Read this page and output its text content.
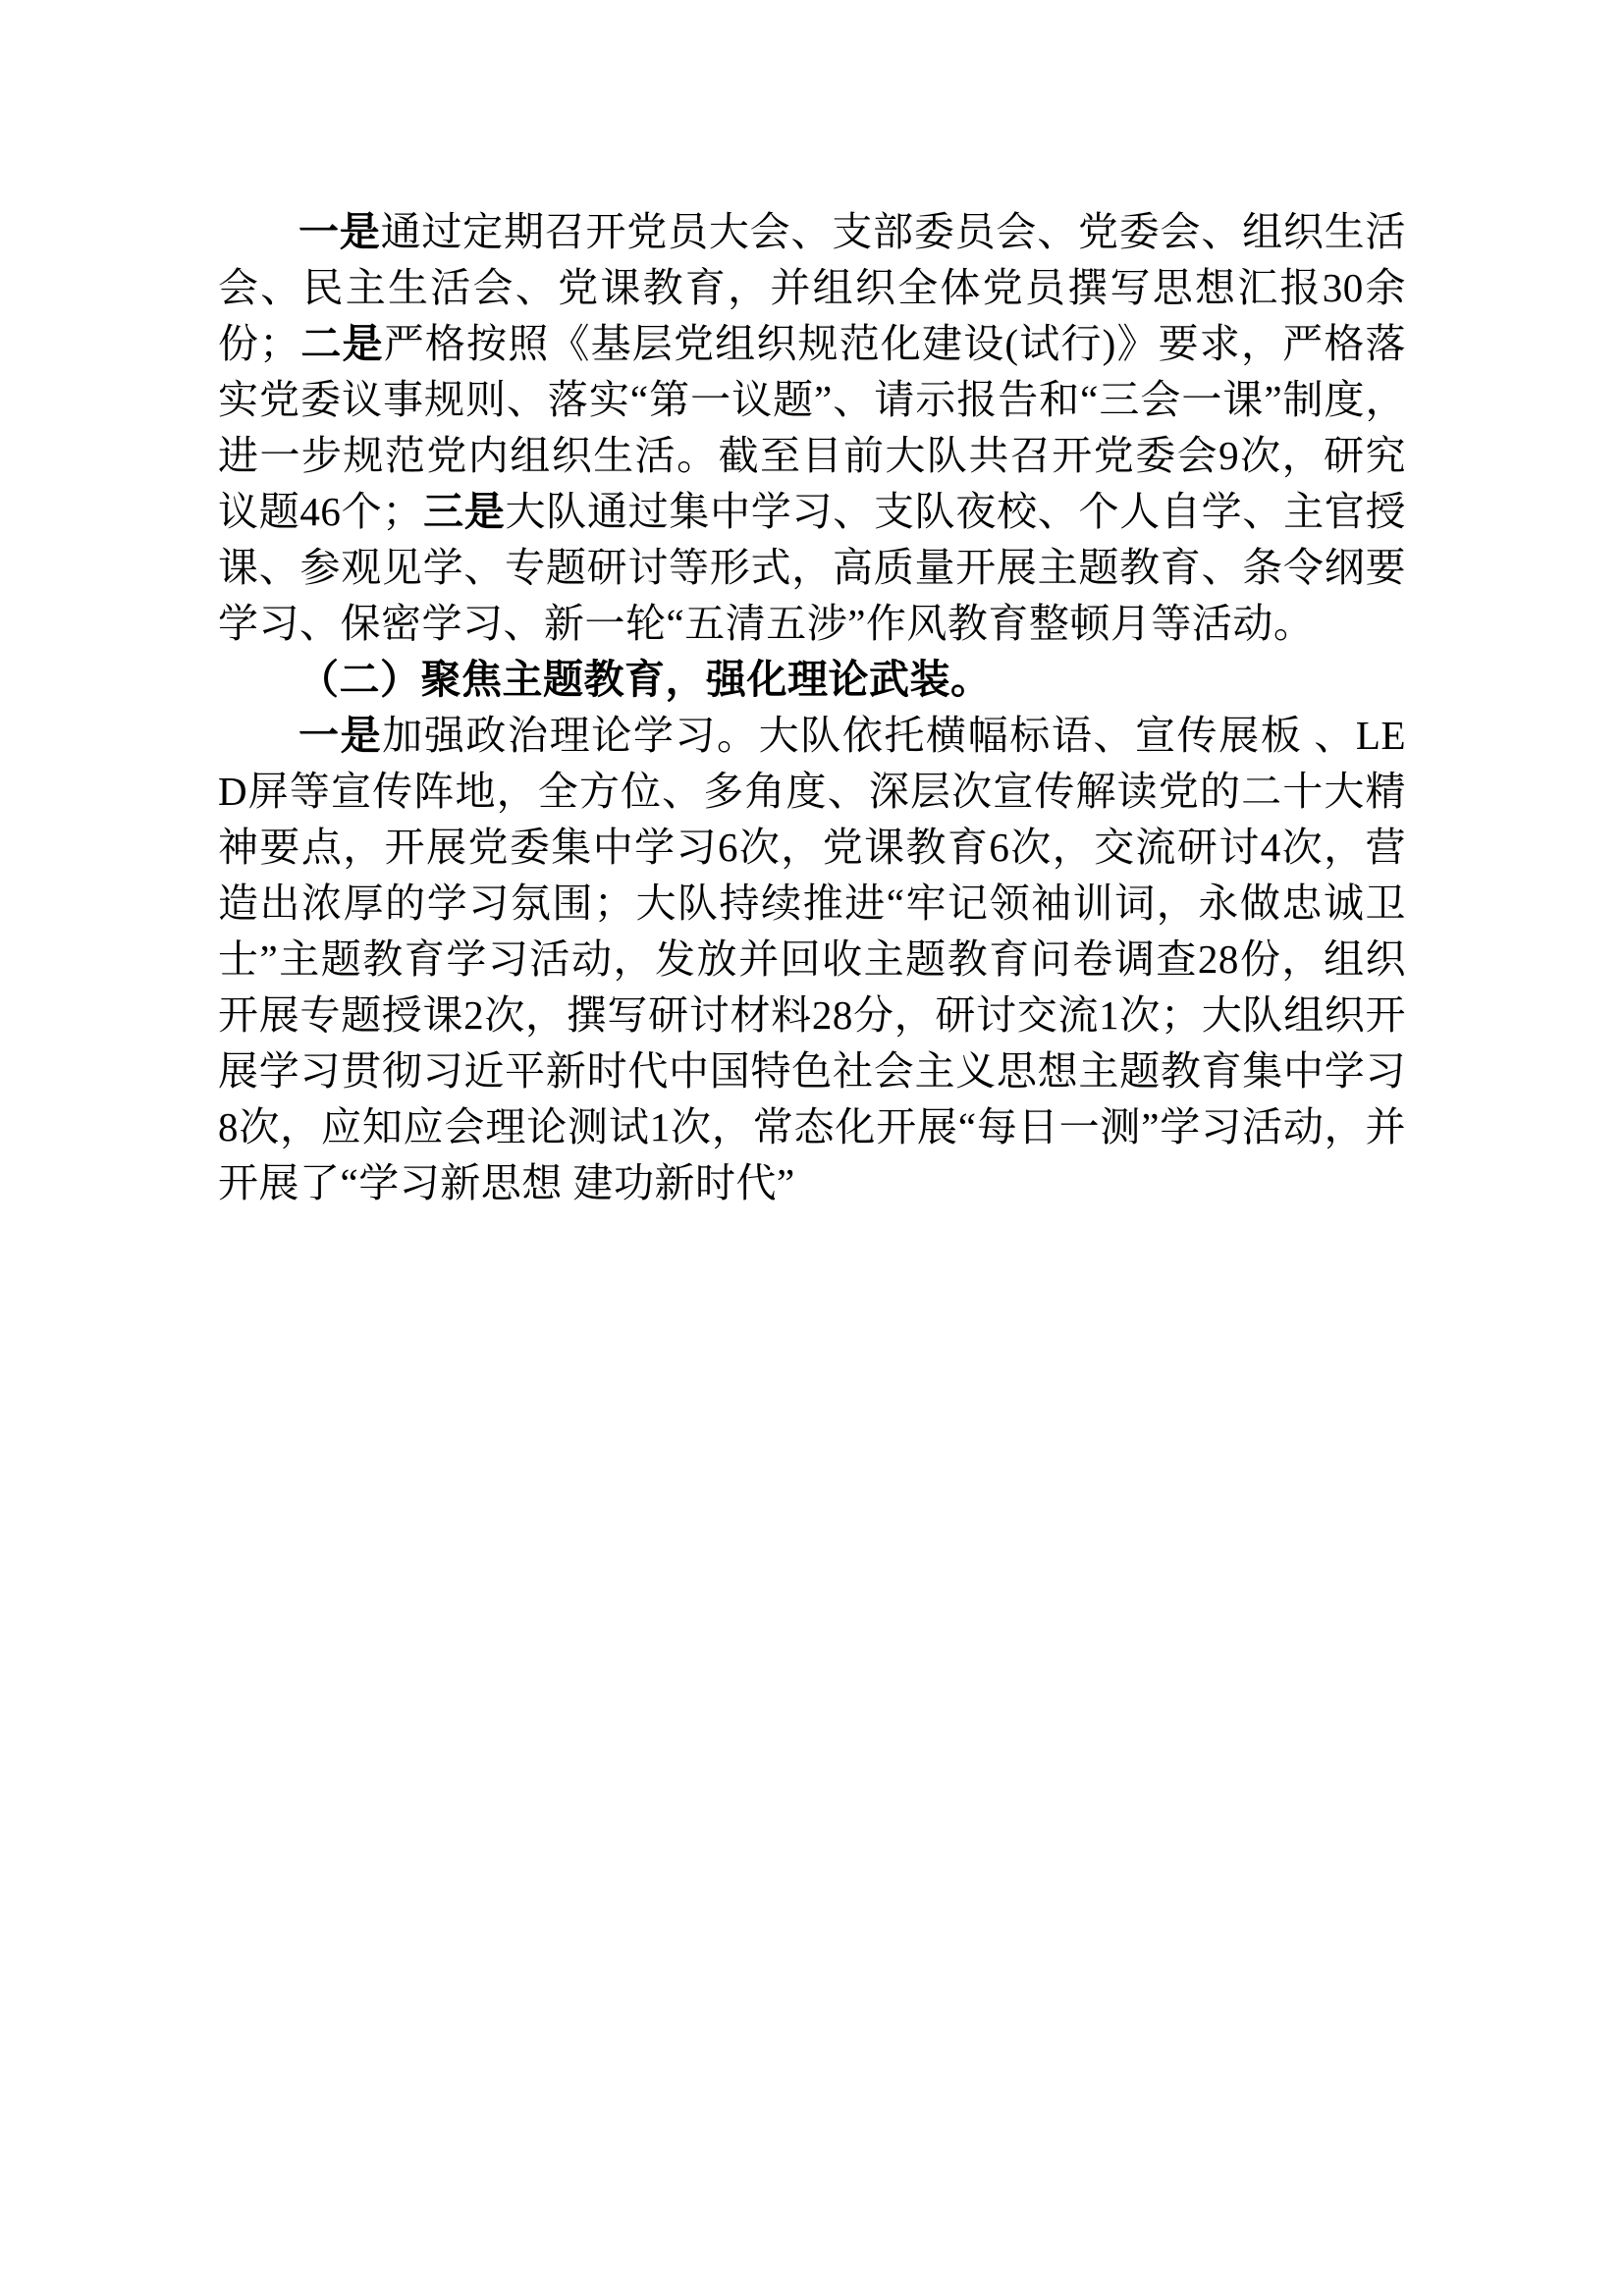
一是通过定期召开党员大会、支部委员会、党委会、组织生活会、民主生活会、党课教育，并组织全体党员撰写思想汇报30余份；二是严格按照《基层党组织规范化建设(试行)》要求，严格落实党委议事规则、落实“第一议题”、请示报告和“三会一课”制度，进一步规范党内组织生活。截至目前大队共召开党委会9次，研究议题46个；三是大队通过集中学习、支队夜校、个人自学、主官授课、参观见学、专题研讨等形式，高质量开展主题教育、条令纲要学习、保密学习、新一轮“五清五涉”作风教育整顿月等活动。

（二）聚焦主题教育，强化理论武装。

一是加强政治理论学习。大队依托横幅标语、宣传展板 、LED屏等宣传阵地，全方位、多角度、深层次宣传解读党的二十大精神要点，开展党委集中学习6次，党课教育6次，交流研讨4次，营造出浓厚的学习氛围；大队持续推进“牢记领袖训词，永做忠诚卫士”主题教育学习活动，发放并回收主题教育问卷调查28份，组织开展专题授课2次，撰写研讨材料28分，研讨交流1次；大队组织开展学习贯彻习近平新时代中国特色社会主义思想主题教育集中学习8次，应知应会理论测试1次，常态化开展“每日一测”学习活动，并开展了“学习新思想 建功新时代”
